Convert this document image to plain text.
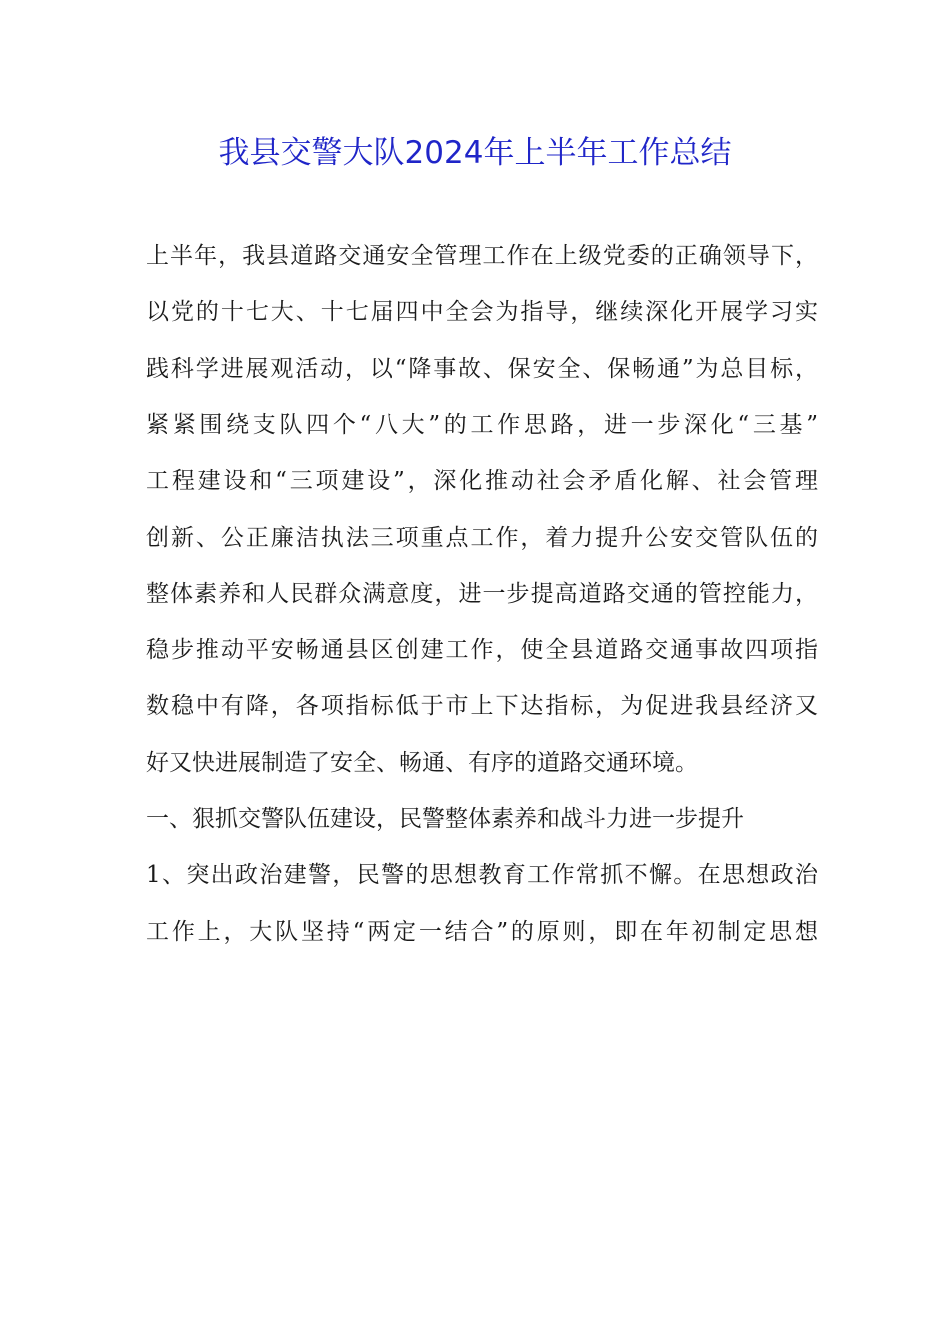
我县交警大队2024年上半年工作总结

上半年，我县道路交通安全管理工作在上级党委的正确领导下，

以党的十七大、十七届四中全会为指导，继续深化开展学习实

践科学进展观活动，以“降事故、保安全、保畅通”为总目标，

紧紧围绕支队四个“八大”的工作思路，进一步深化“三基”

工程建设和“三项建设”，深化推动社会矛盾化解、社会管理

创新、公正廉洁执法三项重点工作，着力提升公安交管队伍的

整体素养和人民群众满意度，进一步提高道路交通的管控能力，

稳步推动平安畅通县区创建工作，使全县道路交通事故四项指

数稳中有降，各项指标低于市上下达指标，为促进我县经济又

好又快进展制造了安全、畅通、有序的道路交通环境。

一、狠抓交警队伍建设，民警整体素养和战斗力进一步提升

1、突出政治建警，民警的思想教育工作常抓不懈。在思想政治

工作上，大队坚持“两定一结合”的原则，即在年初制定思想
